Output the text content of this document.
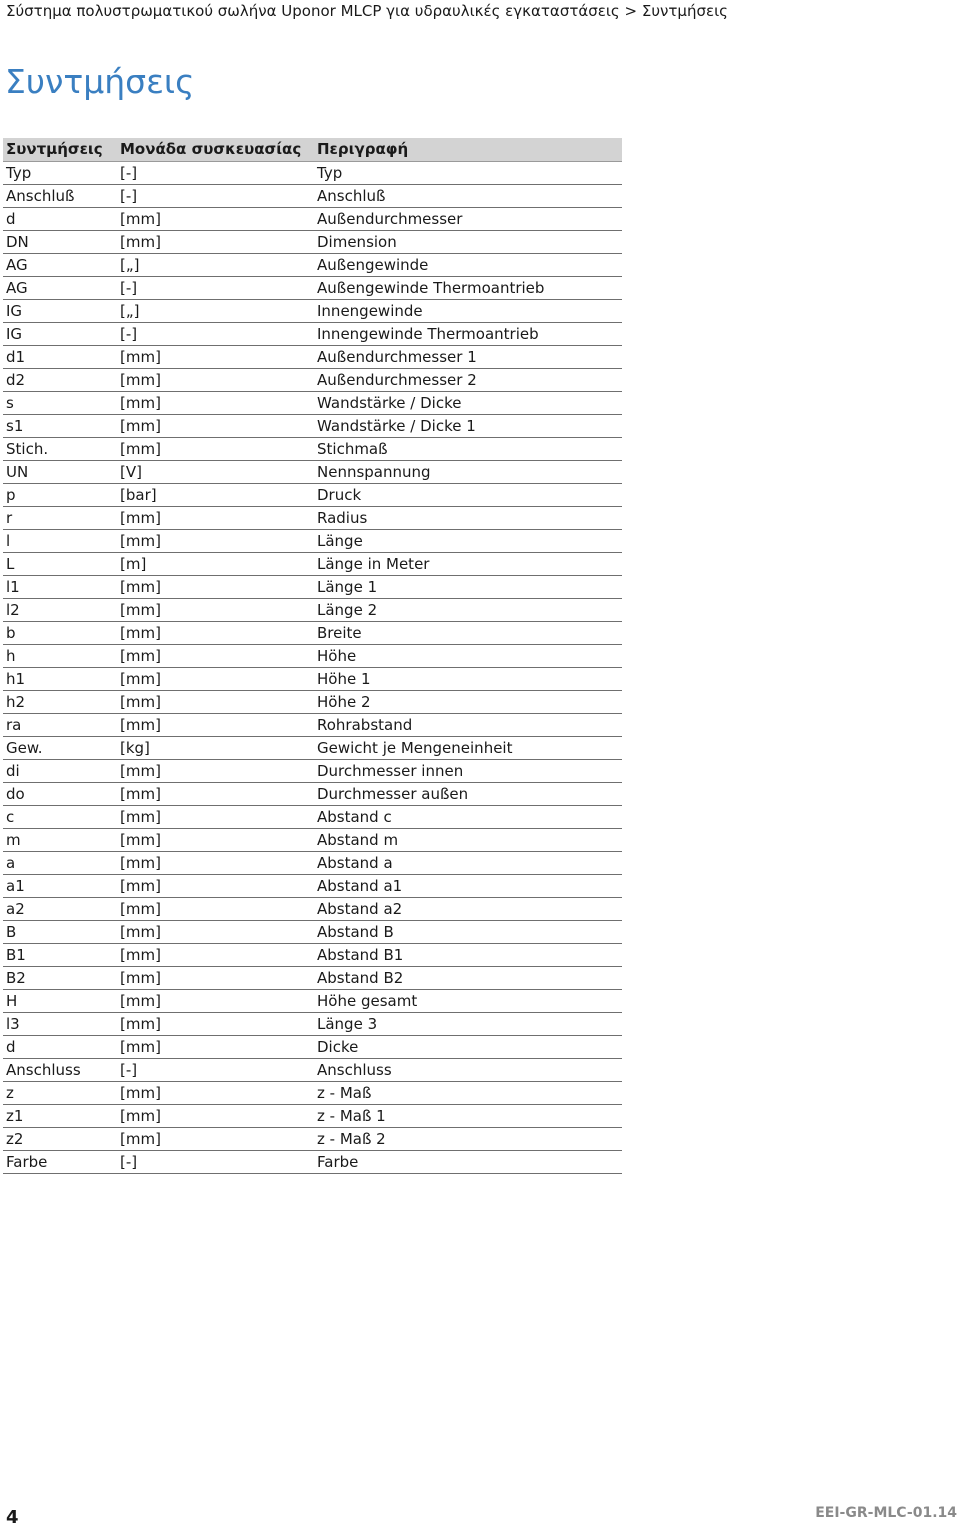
Σύστημα πολυστρωματικού σωλήνα Uponor MLCP για υδραυλικές εγκαταστάσεις > Συντμήσεις
Συντμήσεις
Συντμήσεις	Μονάδα συσκευασίας	Περιγραφή
Typ	[-]	Typ
Anschluß	[-]	Anschluß
d	[mm]	Außendurchmesser
DN	[mm]	Dimension
AG	[„]	Außengewinde
AG	[-]	Außengewinde Thermoantrieb
IG	[„]	Innengewinde
IG	[-]	Innengewinde Thermoantrieb
d1	[mm]	Außendurchmesser 1
d2	[mm]	Außendurchmesser 2
s	[mm]	Wandstärke / Dicke
s1	[mm]	Wandstärke / Dicke 1
Stich.	[mm]	Stichmaß
UN	[V]	Nennspannung
p	[bar]	Druck
r	[mm]	Radius
l	[mm]	Länge
L	[m]	Länge in Meter
l1	[mm]	Länge 1
l2	[mm]	Länge 2
b	[mm]	Breite
h	[mm]	Höhe
h1	[mm]	Höhe 1
h2	[mm]	Höhe 2
ra	[mm]	Rohrabstand
Gew.	[kg]	Gewicht je Mengeneinheit
di	[mm]	Durchmesser innen
do	[mm]	Durchmesser außen
c	[mm]	Abstand c
m	[mm]	Abstand m
a	[mm]	Abstand a
a1	[mm]	Abstand a1
a2	[mm]	Abstand a2
B	[mm]	Abstand B
B1	[mm]	Abstand B1
B2	[mm]	Abstand B2
H	[mm]	Höhe gesamt
l3	[mm]	Länge 3
d	[mm]	Dicke
Anschluss	[-]	Anschluss
z	[mm]	z - Maß
z1	[mm]	z - Maß 1
z2	[mm]	z - Maß 2
Farbe	[-]	Farbe
4	EEI-GR-MLC-01.14
